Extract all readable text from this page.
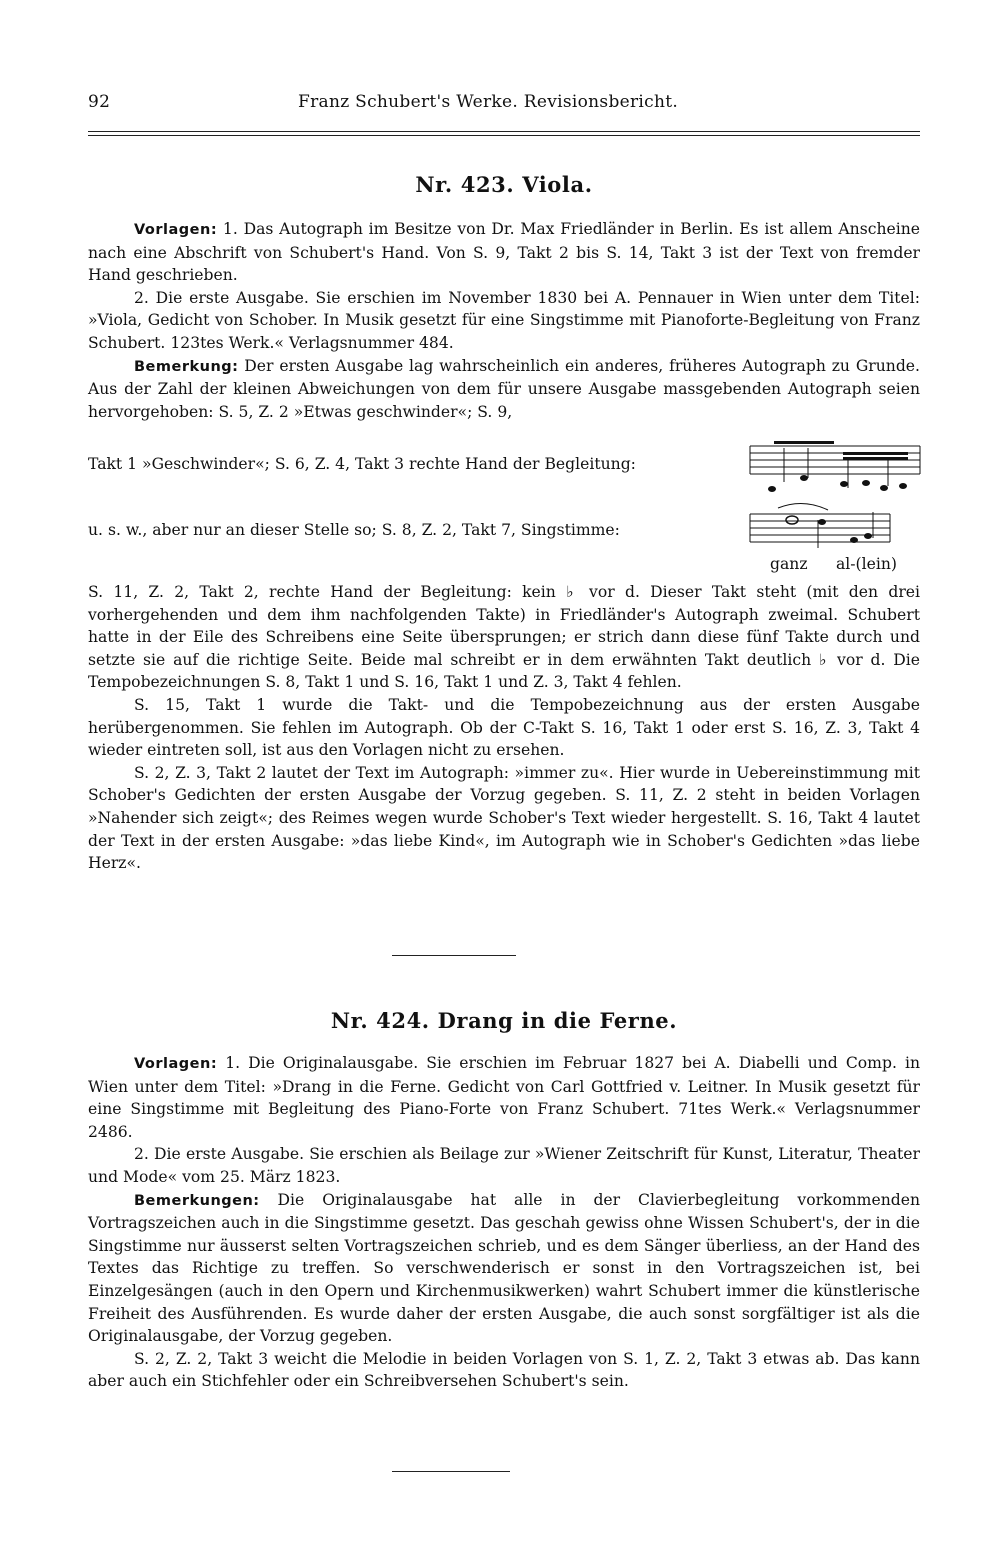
92	Franz Schubert's Werke. Revisionsbericht.
Nr. 423. Viola.

Vorlagen: 1. Das Autograph im Besitze von Dr. Max Friedländer in Berlin. Es ist allem Anscheine nach eine Abschrift von Schubert's Hand. Von S. 9, Takt 2 bis S. 14, Takt 3 ist der Text von fremder Hand geschrieben.

2. Die erste Ausgabe. Sie erschien im November 1830 bei A. Pennauer in Wien unter dem Titel: »Viola, Gedicht von Schober. In Musik gesetzt für eine Singstimme mit Pianoforte-Begleitung von Franz Schubert. 123tes Werk.« Verlagsnummer 484.

Bemerkung: Der ersten Ausgabe lag wahrscheinlich ein anderes, früheres Autograph zu Grunde. Aus der Zahl der kleinen Abweichungen von dem für unsere Ausgabe massgebenden Autograph seien hervorgehoben: S. 5, Z. 2 »Etwas geschwinder«; S. 9,

Takt 1 »Geschwinder«; S. 6, Z. 4, Takt 3 rechte Hand der Begleitung:
u. s. w., aber nur an dieser Stelle so; S. 8, Z. 2, Takt 7, Singstimme:
ganz al-(lein)

S. 11, Z. 2, Takt 2, rechte Hand der Begleitung: kein ♭ vor d. Dieser Takt steht (mit den drei vorhergehenden und dem ihm nachfolgenden Takte) in Friedländer's Autograph zweimal. Schubert hatte in der Eile des Schreibens eine Seite übersprungen; er strich dann diese fünf Takte durch und setzte sie auf die richtige Seite. Beide mal schreibt er in dem erwähnten Takt deutlich ♭ vor d. Die Tempobezeichnungen S. 8, Takt 1 und S. 16, Takt 1 und Z. 3, Takt 4 fehlen.

S. 15, Takt 1 wurde die Takt- und die Tempobezeichnung aus der ersten Ausgabe herübergenommen. Sie fehlen im Autograph. Ob der C-Takt S. 16, Takt 1 oder erst S. 16, Z. 3, Takt 4 wieder eintreten soll, ist aus den Vorlagen nicht zu ersehen.

S. 2, Z. 3, Takt 2 lautet der Text im Autograph: »immer zu«. Hier wurde in Uebereinstimmung mit Schober's Gedichten der ersten Ausgabe der Vorzug gegeben. S. 11, Z. 2 steht in beiden Vorlagen »Nahender sich zeigt«; des Reimes wegen wurde Schober's Text wieder hergestellt. S. 16, Takt 4 lautet der Text in der ersten Ausgabe: »das liebe Kind«, im Autograph wie in Schober's Gedichten »das liebe Herz«.

Nr. 424. Drang in die Ferne.

Vorlagen: 1. Die Originalausgabe. Sie erschien im Februar 1827 bei A. Diabelli und Comp. in Wien unter dem Titel: »Drang in die Ferne. Gedicht von Carl Gottfried v. Leitner. In Musik gesetzt für eine Singstimme mit Begleitung des Piano-Forte von Franz Schubert. 71tes Werk.« Verlagsnummer 2486.

2. Die erste Ausgabe. Sie erschien als Beilage zur »Wiener Zeitschrift für Kunst, Literatur, Theater und Mode« vom 25. März 1823.

Bemerkungen: Die Originalausgabe hat alle in der Clavierbegleitung vorkommenden Vortragszeichen auch in die Singstimme gesetzt. Das geschah gewiss ohne Wissen Schubert's, der in die Singstimme nur äusserst selten Vortragszeichen schrieb, und es dem Sänger überliess, an der Hand des Textes das Richtige zu treffen. So verschwenderisch er sonst in den Vortragszeichen ist, bei Einzelgesängen (auch in den Opern und Kirchenmusikwerken) wahrt Schubert immer die künstlerische Freiheit des Ausführenden. Es wurde daher der ersten Ausgabe, die auch sonst sorgfältiger ist als die Originalausgabe, der Vorzug gegeben.

S. 2, Z. 2, Takt 3 weicht die Melodie in beiden Vorlagen von S. 1, Z. 2, Takt 3 etwas ab. Das kann aber auch ein Stichfehler oder ein Schreibversehen Schubert's sein.
